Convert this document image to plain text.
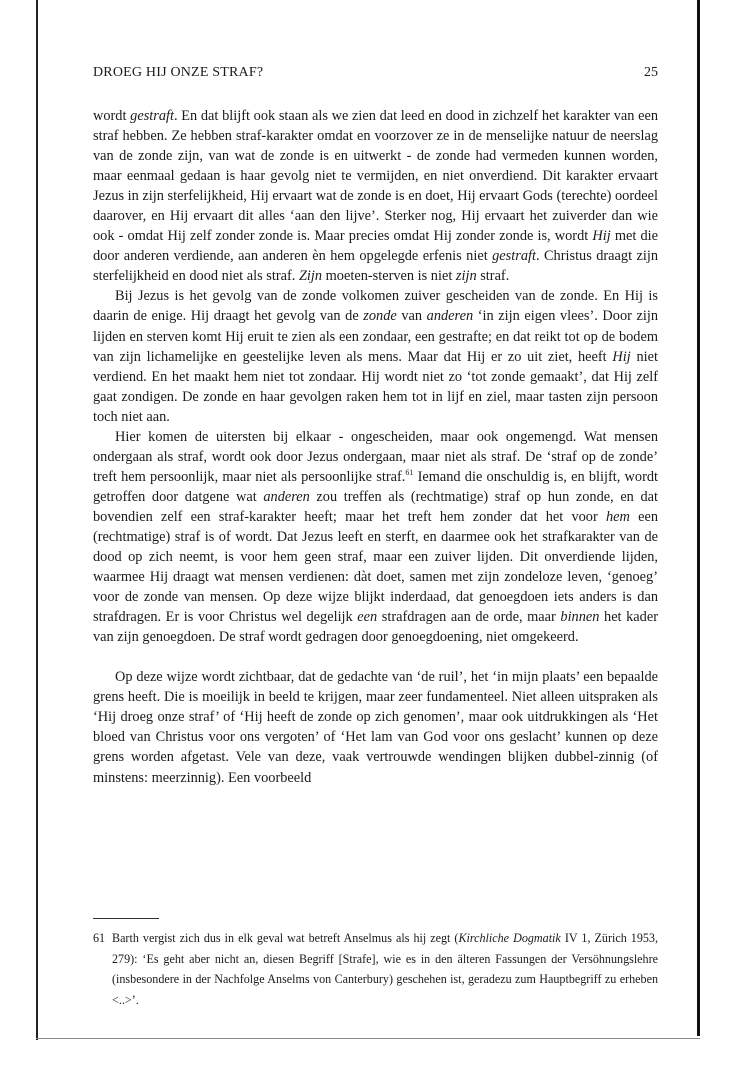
DROEG HIJ ONZE STRAF?	25

wordt gestraft. En dat blijft ook staan als we zien dat leed en dood in zichzelf het karakter van een straf hebben. Ze hebben straf-karakter omdat en voorzover ze in de menselijke natuur de neerslag van de zonde zijn, van wat de zonde is en uitwerkt - de zonde had vermeden kunnen worden, maar eenmaal gedaan is haar gevolg niet te vermijden, en niet onverdiend. Dit karakter ervaart Jezus in zijn sterfelijkheid, Hij ervaart wat de zonde is en doet, Hij ervaart Gods (terechte) oordeel daarover, en Hij ervaart dit alles ‘aan den lijve’. Sterker nog, Hij ervaart het zuiverder dan wie ook - omdat Hij zelf zonder zonde is. Maar precies omdat Hij zonder zonde is, wordt Hij met die door anderen verdiende, aan anderen èn hem opgelegde erfenis niet gestraft. Christus draagt zijn sterfelijkheid en dood niet als straf. Zijn moeten-sterven is niet zijn straf.

Bij Jezus is het gevolg van de zonde volkomen zuiver gescheiden van de zonde. En Hij is daarin de enige. Hij draagt het gevolg van de zonde van anderen ‘in zijn eigen vlees’. Door zijn lijden en sterven komt Hij eruit te zien als een zondaar, een gestrafte; en dat reikt tot op de bodem van zijn lichamelijke en geestelijke leven als mens. Maar dat Hij er zo uit ziet, heeft Hij niet verdiend. En het maakt hem niet tot zondaar. Hij wordt niet zo ‘tot zonde gemaakt’, dat Hij zelf gaat zondigen. De zonde en haar gevolgen raken hem tot in lijf en ziel, maar tasten zijn persoon toch niet aan.

Hier komen de uitersten bij elkaar - ongescheiden, maar ook ongemengd. Wat mensen ondergaan als straf, wordt ook door Jezus ondergaan, maar niet als straf. De ‘straf op de zonde’ treft hem persoonlijk, maar niet als persoonlijke straf.$^{61}$ Iemand die onschuldig is, en blijft, wordt getroffen door datgene wat anderen zou treffen als (rechtmatige) straf op hun zonde, en dat bovendien zelf een straf-karakter heeft; maar het treft hem zonder dat het voor hem een (rechtmatige) straf is of wordt. Dat Jezus leeft en sterft, en daarmee ook het strafkarakter van de dood op zich neemt, is voor hem geen straf, maar een zuiver lijden. Dit onverdiende lijden, waarmee Hij draagt wat mensen verdienen: dàt doet, samen met zijn zondeloze leven, ‘genoeg’ voor de zonde van mensen. Op deze wijze blijkt inderdaad, dat genoegdoen iets anders is dan strafdragen. Er is voor Christus wel degelijk een strafdragen aan de orde, maar binnen het kader van zijn genoegdoen. De straf wordt gedragen door genoegdoening, niet omgekeerd.

Op deze wijze wordt zichtbaar, dat de gedachte van ‘de ruil’, het ‘in mijn plaats’ een bepaalde grens heeft. Die is moeilijk in beeld te krijgen, maar zeer fundamenteel. Niet alleen uitspraken als ‘Hij droeg onze straf’ of ‘Hij heeft de zonde op zich genomen’, maar ook uitdrukkingen als ‘Het bloed van Christus voor ons vergoten’ of ‘Het lam van God voor ons geslacht’ kunnen op deze grens worden afgetast. Vele van deze, vaak vertrouwde wendingen blijken dubbel-zinnig (of minstens: meerzinnig). Een voorbeeld

61 Barth vergist zich dus in elk geval wat betreft Anselmus als hij zegt (Kirchliche Dogmatik IV 1, Zürich 1953, 279): ‘Es geht aber nicht an, diesen Begriff [Strafe], wie es in den älteren Fassungen der Versöhnungslehre (insbesondere in der Nachfolge Anselms von Canterbury) geschehen ist, geradezu zum Hauptbegriff zu erheben <..>’.
